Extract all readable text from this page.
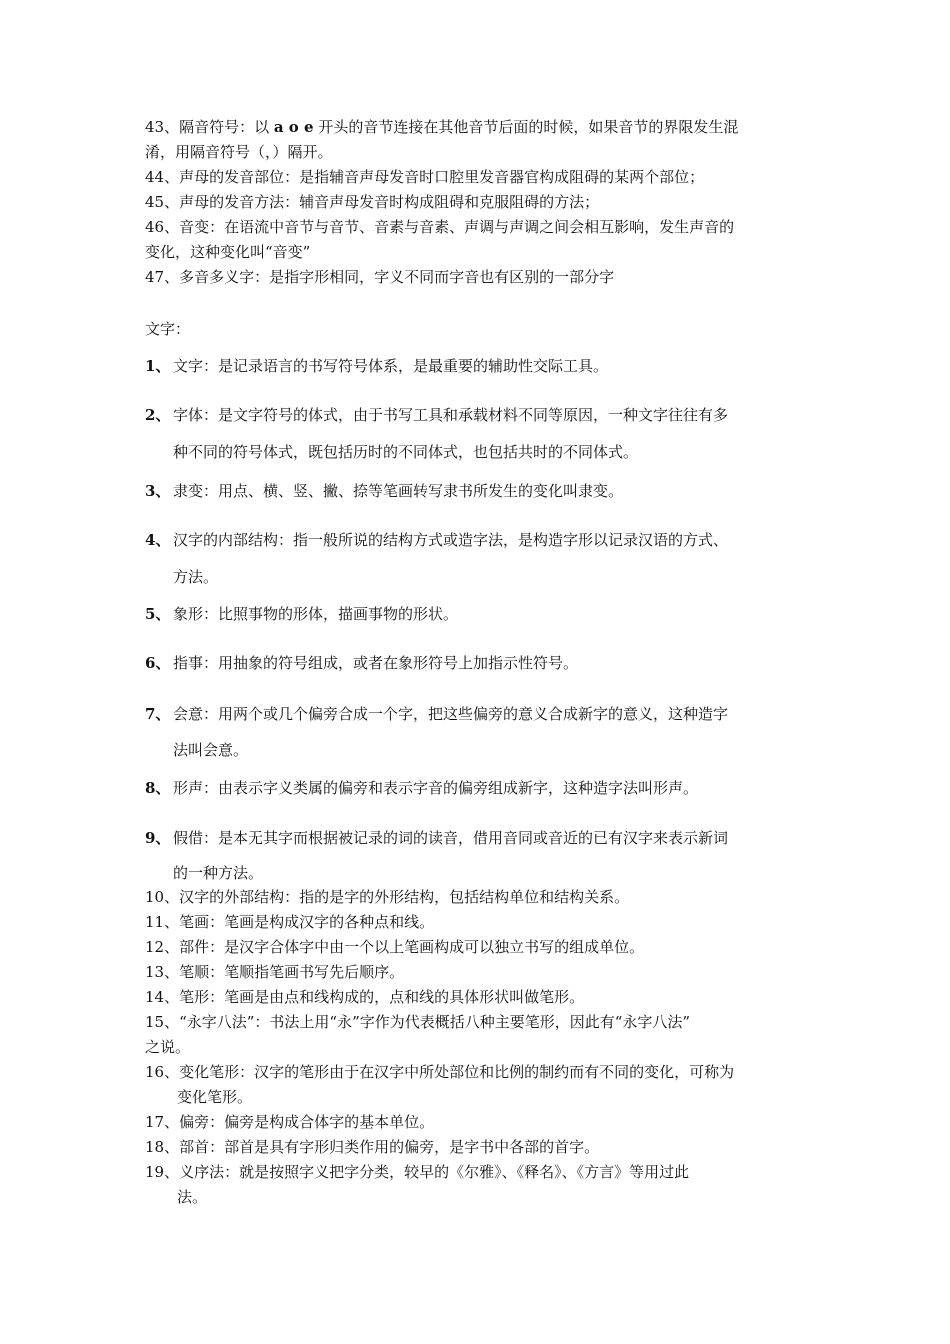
43、隔音符号：以 a o e 开头的音节连接在其他音节后面的时候，如果音节的界限发生混

淆，用隔音符号（，）隔开。

44、声母的发音部位：是指辅音声母发音时口腔里发音器官构成阻碍的某两个部位；

45、声母的发音方法：辅音声母发音时构成阻碍和克服阻碍的方法；

46、音变：在语流中音节与音节、音素与音素、声调与声调之间会相互影响，发生声音的

变化，这种变化叫“音变”

47、多音多义字：是指字形相同，字义不同而字音也有区别的一部分字

文字：

1、 文字：是记录语言的书写符号体系，是最重要的辅助性交际工具。

2、 字体：是文字符号的体式，由于书写工具和承载材料不同等原因，一种文字往往有多

种不同的符号体式，既包括历时的不同体式，也包括共时的不同体式。

3、 隶变：用点、横、竖、撇、捺等笔画转写隶书所发生的变化叫隶变。

4、 汉字的内部结构：指一般所说的结构方式或造字法，是构造字形以记录汉语的方式、

方法。

5、 象形：比照事物的形体，描画事物的形状。

6、 指事：用抽象的符号组成，或者在象形符号上加指示性符号。

7、 会意：用两个或几个偏旁合成一个字，把这些偏旁的意义合成新字的意义，这种造字

法叫会意。

8、 形声：由表示字义类属的偏旁和表示字音的偏旁组成新字，这种造字法叫形声。

9、 假借：是本无其字而根据被记录的词的读音，借用音同或音近的已有汉字来表示新词

的一种方法。

10、汉字的外部结构：指的是字的外形结构，包括结构单位和结构关系。

11、笔画：笔画是构成汉字的各种点和线。

12、部件：是汉字合体字中由一个以上笔画构成可以独立书写的组成单位。

13、笔顺：笔顺指笔画书写先后顺序。

14、笔形：笔画是由点和线构成的，点和线的具体形状叫做笔形。

15、“永字八法”：书法上用“永”字作为代表概括八种主要笔形，因此有“永字八法”

之说。

16、变化笔形：汉字的笔形由于在汉字中所处部位和比例的制约而有不同的变化，可称为

变化笔形。

17、偏旁：偏旁是构成合体字的基本单位。

18、部首：部首是具有字形归类作用的偏旁，是字书中各部的首字。

19、义序法：就是按照字义把字分类，较早的《尔雅》、《释名》、《方言》等用过此

法。
